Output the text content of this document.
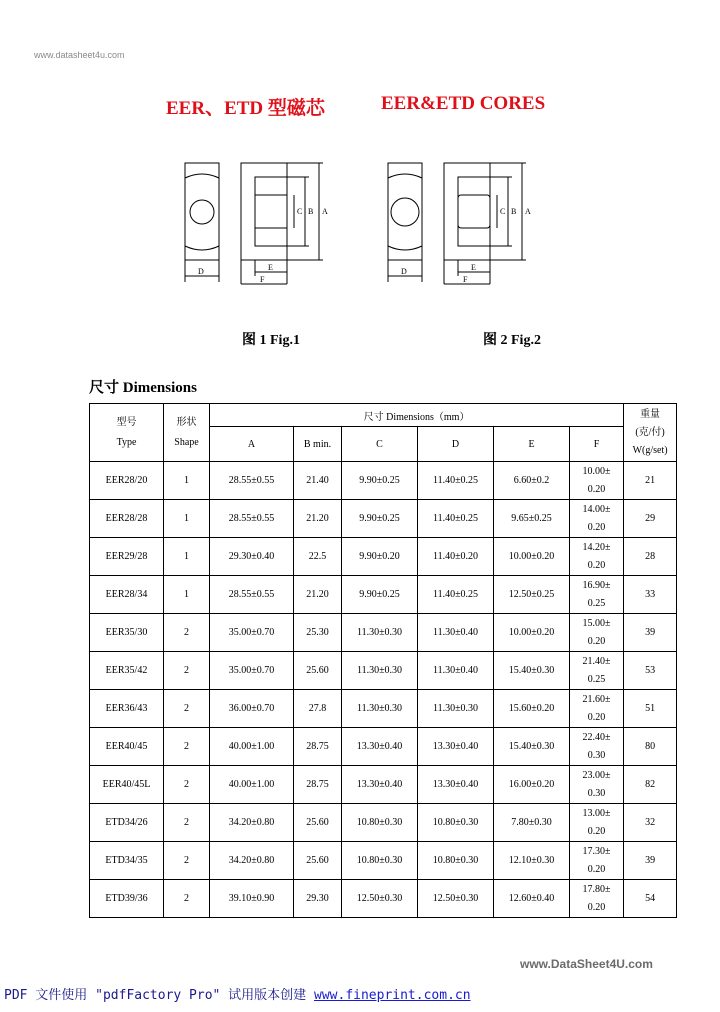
www.datasheet4u.com
EER、ETD 型磁芯	EER&ETD CORES
D	E
F
C B A
D	E
F
C B A
图 1 Fig.1	图 2 Fig.2
尺寸 Dimensions
型号
Type	形状
Shape	尺寸 Dimensions（mm）						重量
(克/付)
W(g/set)
		A	B min.	C	D	E	F	
EER28/20	1	28.55±0.55	21.40	9.90±0.25	11.40±0.25	6.60±0.2	10.00±
0.20	21
EER28/28	1	28.55±0.55	21.20	9.90±0.25	11.40±0.25	9.65±0.25	14.00±
0.20	29
EER29/28	1	29.30±0.40	22.5	9.90±0.20	11.40±0.20	10.00±0.20	14.20±
0.20	28
EER28/34	1	28.55±0.55	21.20	9.90±0.25	11.40±0.25	12.50±0.25	16.90±
0.25	33
EER35/30	2	35.00±0.70	25.30	11.30±0.30	11.30±0.40	10.00±0.20	15.00±
0.20	39
EER35/42	2	35.00±0.70	25.60	11.30±0.30	11.30±0.40	15.40±0.30	21.40±
0.25	53
EER36/43	2	36.00±0.70	27.8	11.30±0.30	11.30±0.30	15.60±0.20	21.60±
0.20	51
EER40/45	2	40.00±1.00	28.75	13.30±0.40	13.30±0.40	15.40±0.30	22.40±
0.30	80
EER40/45L	2	40.00±1.00	28.75	13.30±0.40	13.30±0.40	16.00±0.20	23.00±
0.30	82
ETD34/26	2	34.20±0.80	25.60	10.80±0.30	10.80±0.30	7.80±0.30	13.00±
0.20	32
ETD34/35	2	34.20±0.80	25.60	10.80±0.30	10.80±0.30	12.10±0.30	17.30±
0.20	39
ETD39/36	2	39.10±0.90	29.30	12.50±0.30	12.50±0.30	12.60±0.40	17.80±
0.20	54
www.DataSheet4U.com
PDF 文件使用 "pdfFactory Pro" 试用版本创建 www.fineprint.com.cn
